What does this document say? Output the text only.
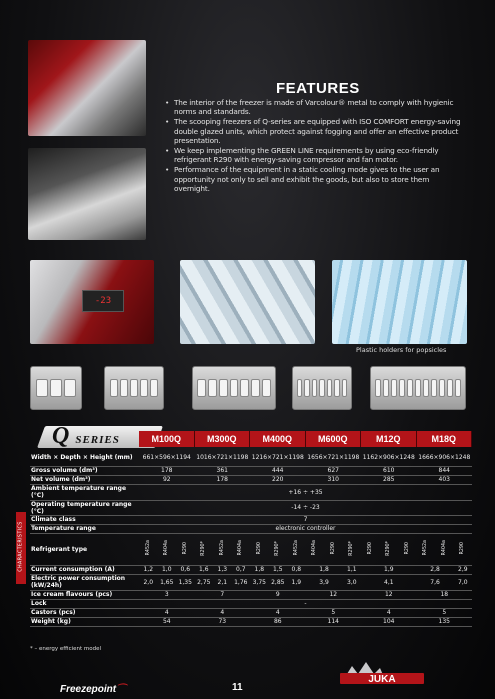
-23
Plastic holders for popsicles
FEATURES
• The interior of the freezer is made of Varcolour® metal to comply with hygienic norms and standards.
• The scooping freezers of Q-series are equipped with ISO COMFORT energy-saving double glazed units, which protect against fogging and offer an effective product presentation.
• We keep implementing the GREEN LINE requirements by using eco-friendly refrigerant R290 with energy-saving compressor and fan motor.
• Performance of the equipment in a static cooling mode gives to the user an opportunity not only to sell and exhibit the goods, but also to store them overnight.
Q SERIES	M100Q	M300Q	M400Q	M600Q	M12Q	M18Q
CHARACTERISTICS
Width × Depth × Height (mm)	661×596×1194			1016×721×1198			1216×721×1198			1656×721×1198			1162×906×1248			1666×906×1248		
Gross volume (dm³)	178			361			444			627			610			844		
Net volume (dm³)	92			178			220			310			285			403		
Ambient temperature range (°C)	+16 ÷ +35																	
Operating temperature range (°C)	-14 ÷ -23																	
Climate class	7																	
Temperature range	electronic controller																	
Refrigerant type	R452a	R404a	R290	R290*	R452a	R404a	R290	R290*	R452a	R404a	R290	R290*	R290	R290*	R290	R452a	R404a	R290
Current consumption (A)	1,2	1,0	0,6	1,6	1,3	0,7	1,8	1,5	0,8	1,8		1,1	1,9			2,8		2,9
Electric power consumption (kW/24h)	2,0	1,65	1,35	2,75	2,1	1,76	3,75	2,85	1,9	3,9		3,0	4,1			7,6		7,0
Ice cream flavours (pcs)	3			7			9			12			12			18		
Lock	-																	
Castors (pcs)	4			4			4			5			4			5		
Weight (kg)	54			73			86			114			104			135		
* – energy efficient model
Freezepoint⌒	11
JUKA
